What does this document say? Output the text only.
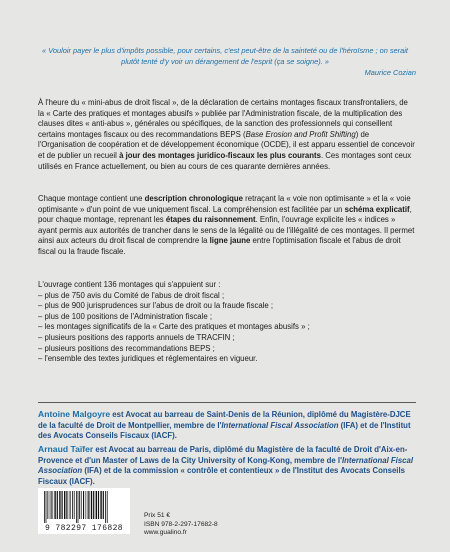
« Vouloir payer le plus d'impôts possible, pour certains, c'est peut-être de la sainteté ou de l'héroïsme ; on serait plutôt tenté d'y voir un dérangement de l'esprit (ça se soigne). »
Maurice Cozian
À l'heure du « mini-abus de droit fiscal », de la déclaration de certains montages fiscaux transfrontaliers, de la « Carte des pratiques et montages abusifs » publiée par l'Administration fiscale, de la multiplication des clauses dites « anti-abus », générales ou spécifiques, de la sanction des professionnels qui conseillent certains montages fiscaux ou des recommandations BEPS (Base Erosion and Profit Shifting) de l'Organisation de coopération et de développement économique (OCDE), il est apparu essentiel de concevoir et de publier un recueil à jour des montages juridico-fiscaux les plus courants. Ces montages sont ceux utilisés en France actuellement, ou bien au cours de ces quarante dernières années.
Chaque montage contient une description chronologique retraçant la « voie non optimisante » et la « voie optimisante » d'un point de vue uniquement fiscal. La compréhension est facilitée par un schéma explicatif, pour chaque montage, reprenant les étapes du raisonnement. Enfin, l'ouvrage explicite les « indices » ayant permis aux autorités de trancher dans le sens de la légalité ou de l'illégalité de ces montages. Il permet ainsi aux acteurs du droit fiscal de comprendre la ligne jaune entre l'optimisation fiscale et l'abus de droit fiscal ou la fraude fiscale.
L'ouvrage contient 136 montages qui s'appuient sur :
– plus de 750 avis du Comité de l'abus de droit fiscal ;
– plus de 900 jurisprudences sur l'abus de droit ou la fraude fiscale ;
– plus de 100 positions de l'Administration fiscale ;
– les montages significatifs de la « Carte des pratiques et montages abusifs » ;
– plusieurs positions des rapports annuels de TRACFIN ;
– plusieurs positions des recommandations BEPS ;
– l'ensemble des textes juridiques et réglementaires en vigueur.
Antoine Malgoyre est Avocat au barreau de Saint-Denis de la Réunion, diplômé du Magistère-DJCE de la faculté de Droit de Montpellier, membre de l'International Fiscal Association (IFA) et de l'Institut des Avocats Conseils Fiscaux (IACF).
Arnaud Taïfer est Avocat au barreau de Paris, diplômé du Magistère de la faculté de Droit d'Aix-en-Provence et d'un Master of Laws de la City University of Kong-Kong, membre de l'International Fiscal Association (IFA) et de la commission « contrôle et contentieux » de l'Institut des Avocats Conseils Fiscaux (IACF).
9 782297 176828
Prix 51 €
ISBN 978-2-297-17682-8
www.gualino.fr
